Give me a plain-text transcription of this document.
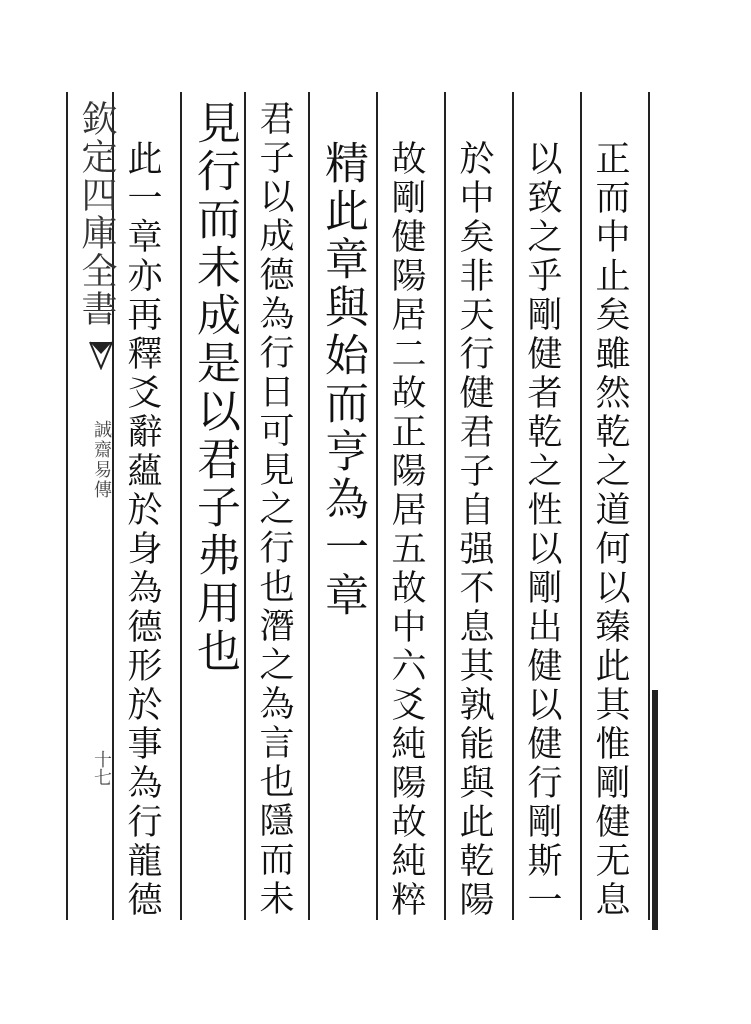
欽定四庫全書
誠齋易傳
十七	正而中止矣雖然乾之道何以臻此其惟剛健无息
以致之乎剛健者乾之性以剛出健以健行剛斯一
於中矣非天行健君子自强不息其孰能與此乾陽
故剛健陽居二故正陽居五故中六爻純陽故純粹
精此章與始而亨為一章
君子以成德為行日可見之行也潛之為言也隱而未
見行而未成是以君子弗用也
此一章亦再釋爻辭蘊於身為德形於事為行龍德
